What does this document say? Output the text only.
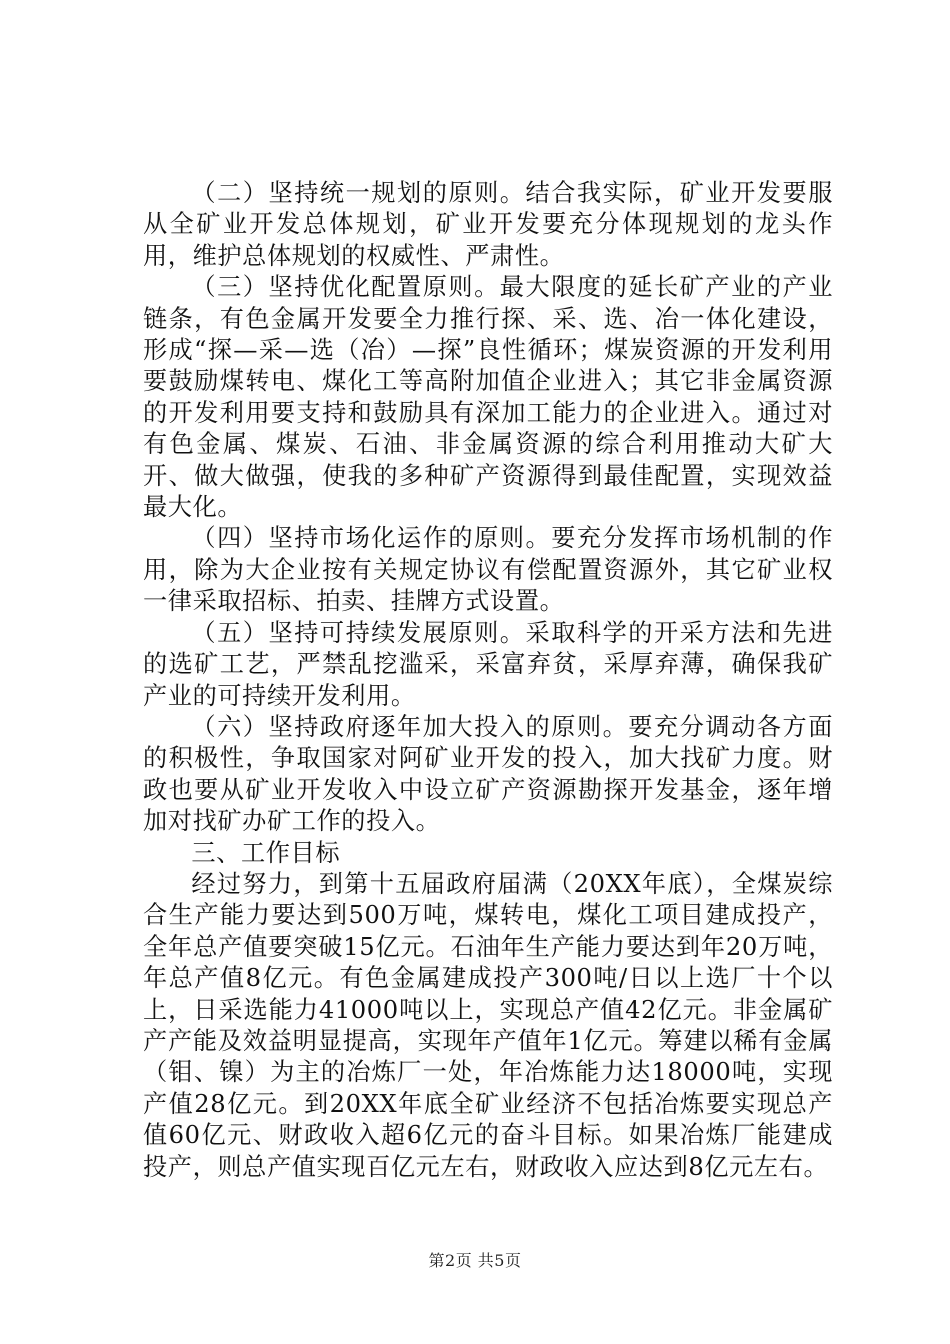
（二）坚持统一规划的原则。结合我实际，矿业开发要服从全矿业开发总体规划，矿业开发要充分体现规划的龙头作用，维护总体规划的权威性、严肃性。

（三）坚持优化配置原则。最大限度的延长矿产业的产业链条，有色金属开发要全力推行探、采、选、冶一体化建设，形成“探—采—选（冶）—探”良性循环；煤炭资源的开发利用要鼓励煤转电、煤化工等高附加值企业进入；其它非金属资源的开发利用要支持和鼓励具有深加工能力的企业进入。通过对有色金属、煤炭、石油、非金属资源的综合利用推动大矿大开、做大做强，使我的多种矿产资源得到最佳配置，实现效益最大化。

（四）坚持市场化运作的原则。要充分发挥市场机制的作用，除为大企业按有关规定协议有偿配置资源外，其它矿业权一律采取招标、拍卖、挂牌方式设置。

（五）坚持可持续发展原则。采取科学的开采方法和先进的选矿工艺，严禁乱挖滥采，采富弃贫，采厚弃薄，确保我矿产业的可持续开发利用。

（六）坚持政府逐年加大投入的原则。要充分调动各方面的积极性，争取国家对阿矿业开发的投入，加大找矿力度。财政也要从矿业开发收入中设立矿产资源勘探开发基金，逐年增加对找矿办矿工作的投入。

三、工作目标

经过努力，到第十五届政府届满（20XX年底），全煤炭综合生产能力要达到500万吨，煤转电，煤化工项目建成投产，全年总产值要突破15亿元。石油年生产能力要达到年20万吨，年总产值8亿元。有色金属建成投产300吨/日以上选厂十个以上，日采选能力41000吨以上，实现总产值42亿元。非金属矿产产能及效益明显提高，实现年产值年1亿元。筹建以稀有金属（钼、镍）为主的冶炼厂一处，年冶炼能力达18000吨，实现产值28亿元。到20XX年底全矿业经济不包括冶炼要实现总产值60亿元、财政收入超6亿元的奋斗目标。如果冶炼厂能建成投产，则总产值实现百亿元左右，财政收入应达到8亿元左右。

第2页 共5页
